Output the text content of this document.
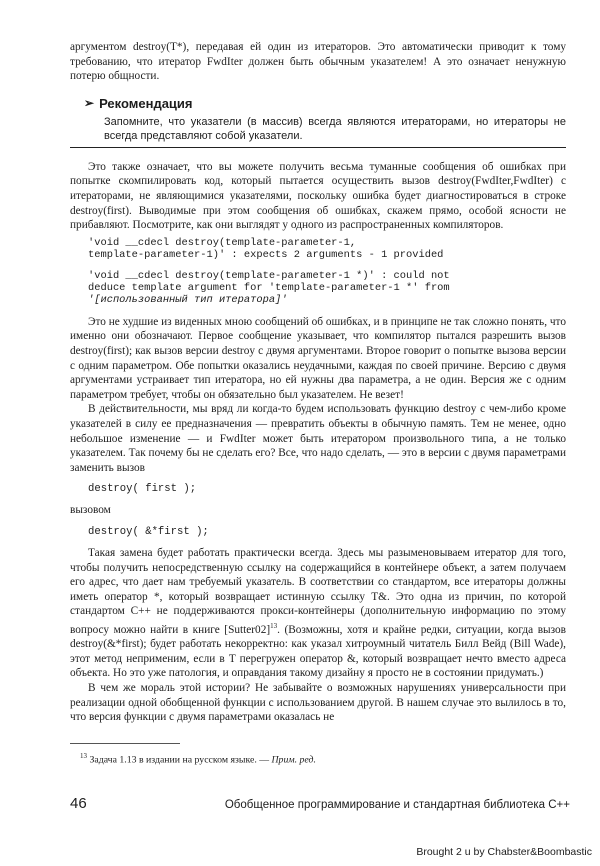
аргументом destroy(T*), передавая ей один из итераторов. Это автоматически приводит к тому требованию, что итератор FwdIter должен быть обычным указателем! А это означает ненужную потерю общности.

➢ Рекомендация

Запомните, что указатели (в массив) всегда являются итераторами, но итераторы не всегда представляют собой указатели.

Это также означает, что вы можете получить весьма туманные сообщения об ошибках при попытке скомпилировать код, который пытается осуществить вызов destroy(FwdIter,FwdIter) с итераторами, не являющимися указателями, поскольку ошибка будет диагностироваться в строке destroy(first). Выводимые при этом сообщения об ошибках, скажем прямо, особой ясности не прибавляют. Посмотрите, как они выглядят у одного из распространенных компиляторов.

'void __cdecl destroy(template-parameter-1,
template-parameter-1)' : expects 2 arguments - 1 provided
'void __cdecl destroy(template-parameter-1 *)' : could not
deduce template argument for 'template-parameter-1 *' from
'[использованный тип итератора]'

Это не худшие из виденных мною сообщений об ошибках, и в принципе не так сложно понять, что именно они обозначают. Первое сообщение указывает, что компилятор пытался разрешить вызов destroy(first); как вызов версии destroy с двумя аргументами. Второе говорит о попытке вызова версии с одним параметром. Обе попытки оказались неудачными, каждая по своей причине. Версию с двумя аргументами устраивает тип итератора, но ей нужны два параметра, а не один. Версия же с одним параметром требует, чтобы он обязательно был указателем. Не везет!

В действительности, мы вряд ли когда-то будем использовать функцию destroy с чем-либо кроме указателей в силу ее предназначения — превратить объекты в обычную память. Тем не менее, одно небольшое изменение — и FwdIter может быть итератором произвольного типа, а не только указателем. Так почему бы не сделать его? Все, что надо сделать, — это в версии с двумя параметрами заменить вызов

destroy( first );

вызовом

destroy( &*first );

Такая замена будет работать практически всегда. Здесь мы разыменовываем итератор для того, чтобы получить непосредственную ссылку на содержащийся в контейнере объект, а затем получаем его адрес, что дает нам требуемый указатель. В соответствии со стандартом, все итераторы должны иметь оператор *, который возвращает истинную ссылку T&. Это одна из причин, по которой стандартом C++ не поддерживаются прокси-контейнеры (дополнительную информацию по этому вопросу можно найти в книге [Sutter02]$^{13}$. (Возможны, хотя и крайне редки, ситуации, когда вызов destroy(&*first); будет работать некорректно: как указал хитроумный читатель Билл Вейд (Bill Wade), этот метод неприменим, если в T перегружен оператор &, который возвращает нечто вместо адреса объекта. Но это уже патология, и оправдания такому дизайну я просто не в состоянии придумать.)

В чем же мораль этой истории? Не забывайте о возможных нарушениях универсальности при реализации одной обобщенной функции с использованием другой. В нашем случае это вылилось в то, что версия функции с двумя параметрами оказалась не

$^{13}$ Задача 1.13 в издании на русском языке. — Прим. ред.

46	Обобщенное программирование и стандартная библиотека C++
Brought 2 u by Chabster&Boombastic
